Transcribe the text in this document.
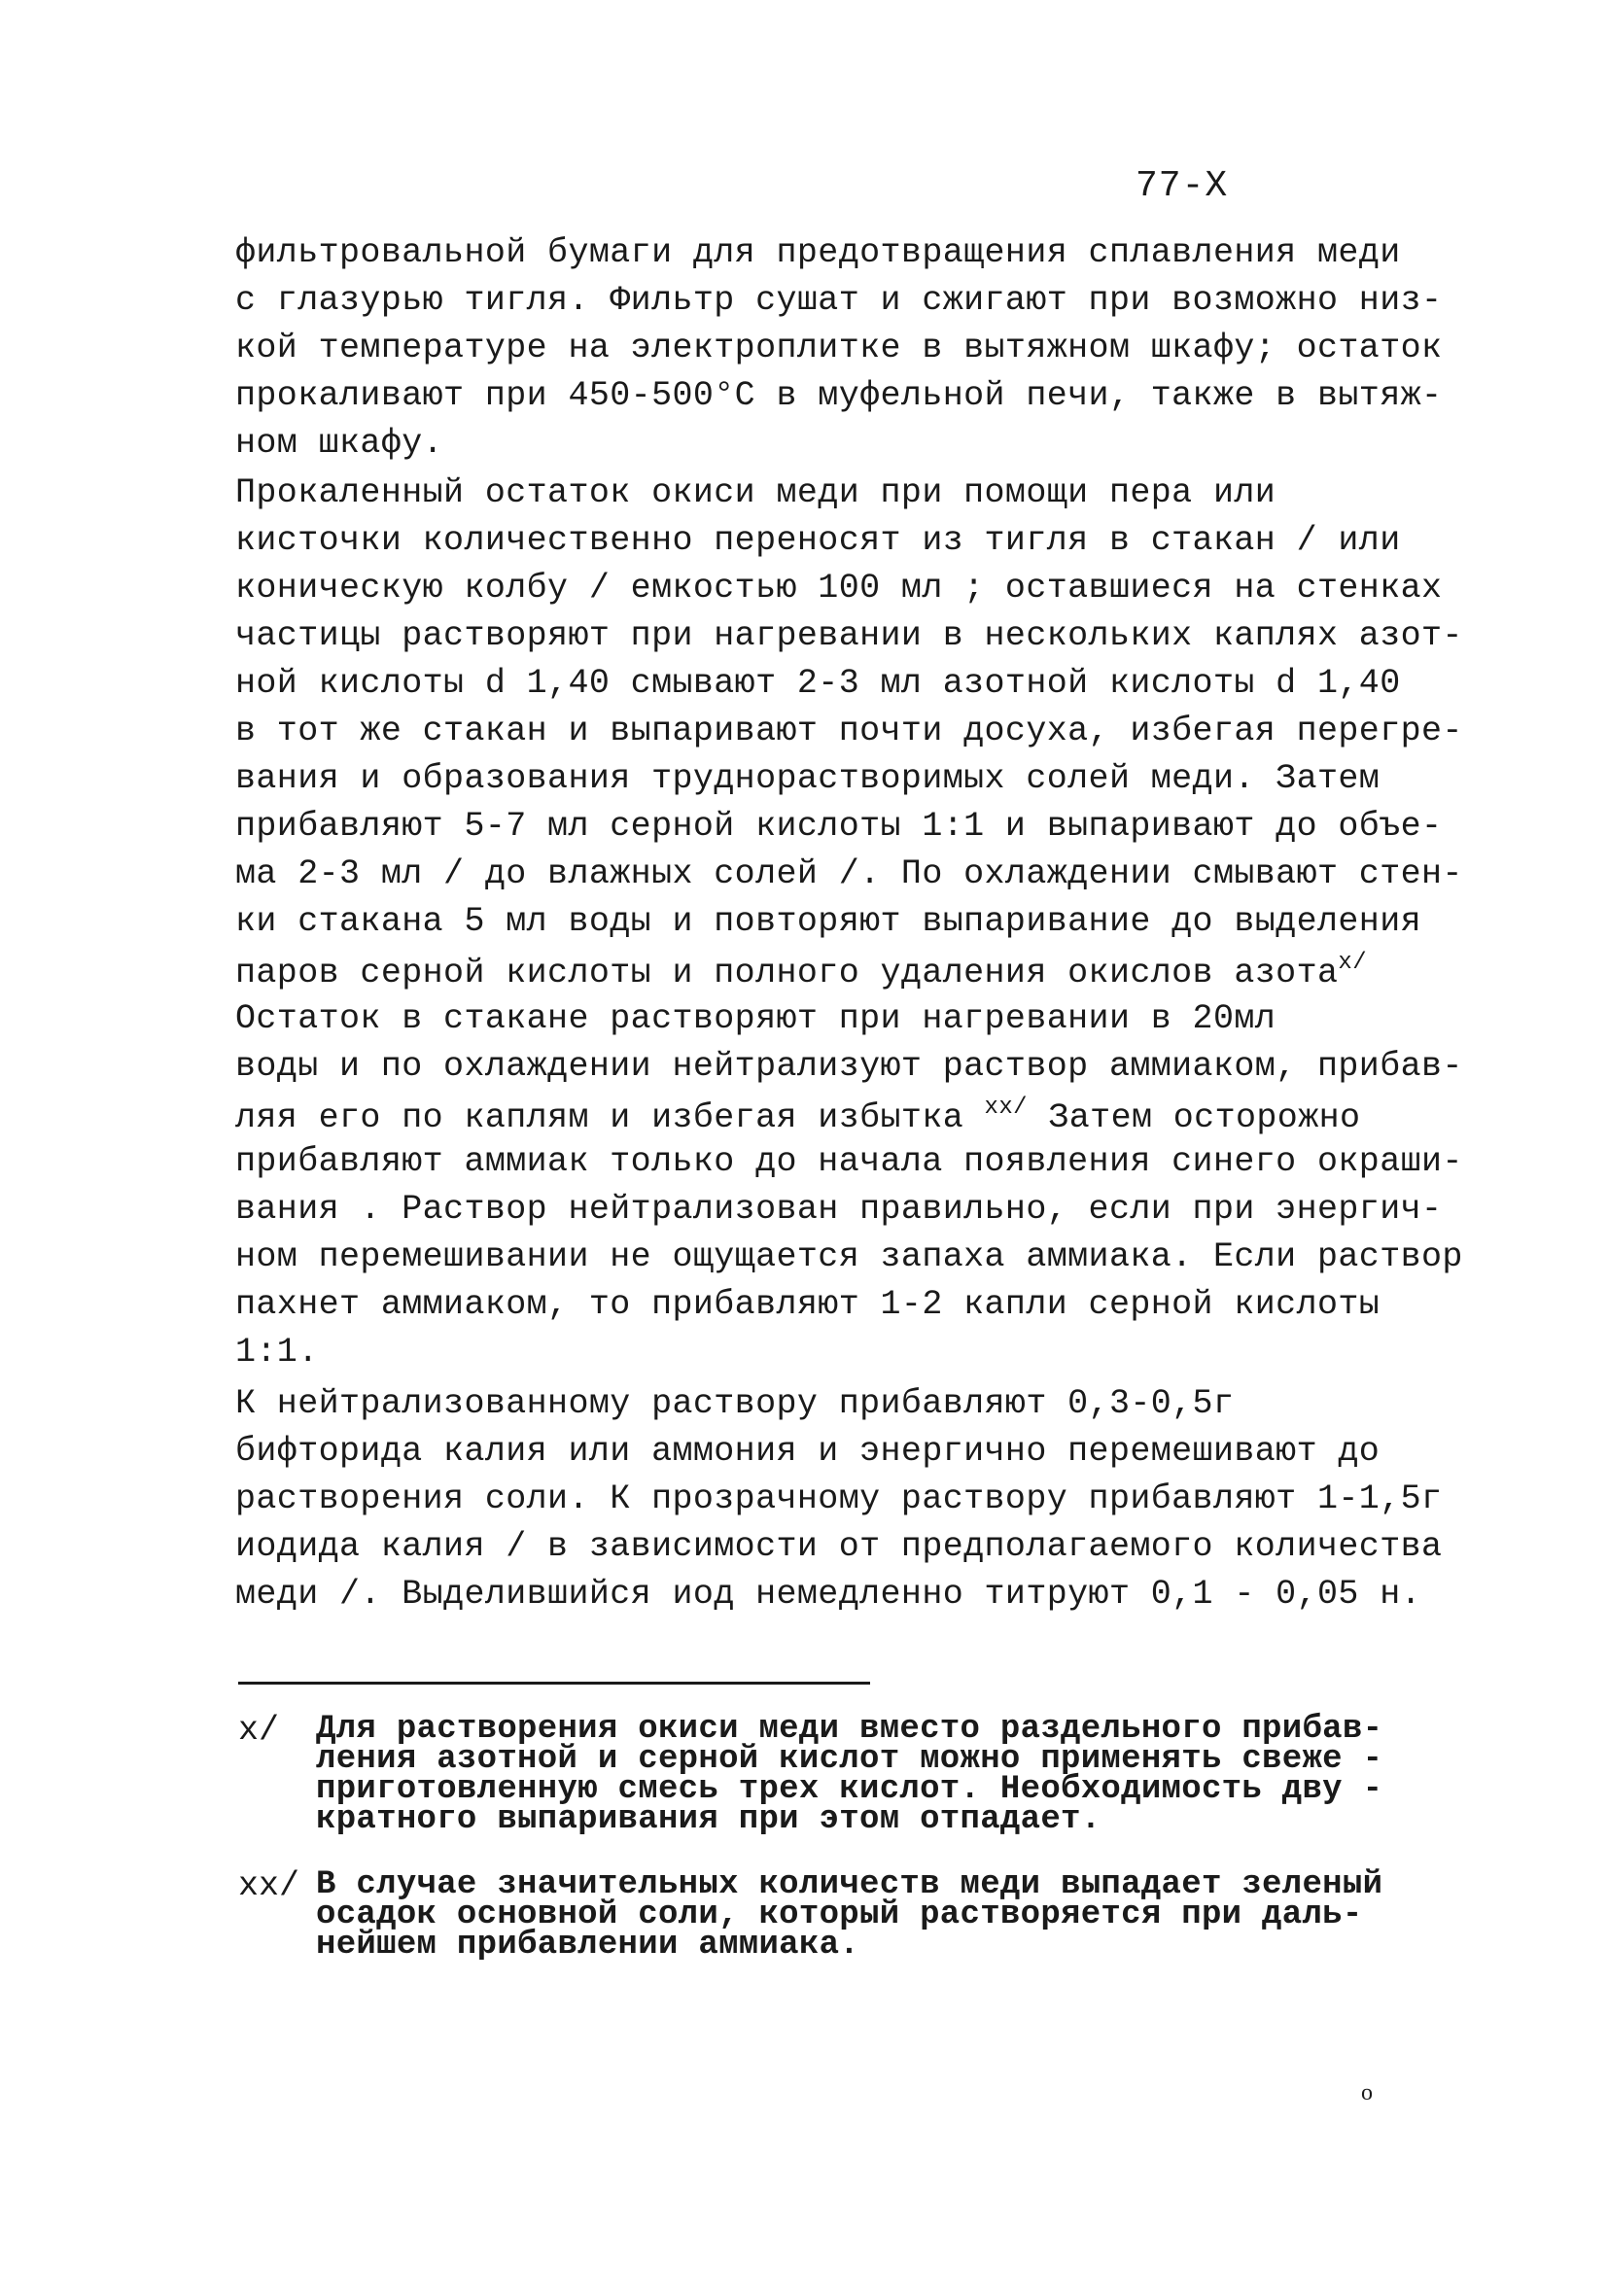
77-X
фильтровальной бумаги для предотвращения сплавления меди
с глазурью тигля. Фильтр сушат и сжигают при возможно низ-
кой температуре на электроплитке в вытяжном шкафу; остаток
прокаливают при 450-500°С в муфельной печи, также в вытяж-
ном шкафу.
Прокаленный остаток окиси меди при помощи пера или
кисточки количественно переносят из тигля в стакан / или
коническую колбу / емкостью 100 мл ; оставшиеся на стенках
частицы растворяют при нагревании в нескольких каплях азот-
ной кислоты d 1,40 смывают 2-3 мл азотной кислоты d 1,40
в тот же стакан и выпаривают почти досуха, избегая перегре-
вания и образования труднорастворимых солей меди. Затем
прибавляют 5-7 мл серной кислоты 1:1 и выпаривают до объе-
ма 2-3 мл / до влажных солей /. По охлаждении смывают стен-
ки стакана 5 мл воды и повторяют выпаривание до выделения
паров серной кислоты и полного удаления окислов азота$^{x/}$
Остаток в стакане растворяют при нагревании в 20мл
воды и по охлаждении нейтрализуют раствор аммиаком, прибав-
ляя его по каплям и избегая избытка $^{xx/}$ Затем осторожно
прибавляют аммиак только до начала появления синего окраши-
вания . Раствор нейтрализован правильно, если при энергич-
ном перемешивании не ощущается запаха аммиака. Если раствор
пахнет аммиаком, то прибавляют 1-2 капли серной кислоты
1:1.
К нейтрализованному раствору прибавляют 0,3-0,5г
бифторида калия или аммония и энергично перемешивают до
растворения соли. К прозрачному раствору прибавляют 1-1,5г
иодида калия / в зависимости от предполагаемого количества
меди /. Выделившийся иод немедленно титруют 0,1 - 0,05 н.
x/ Для растворения окиси меди вместо раздельного прибав-
ления азотной и серной кислот можно применять свеже -
приготовленную смесь трех кислот. Необходимость дву -
кратного выпаривания при этом отпадает.
xx/ В случае значительных количеств меди выпадает зеленый
осадок основной соли, который растворяется при даль-
нейшем прибавлении аммиака.
o
